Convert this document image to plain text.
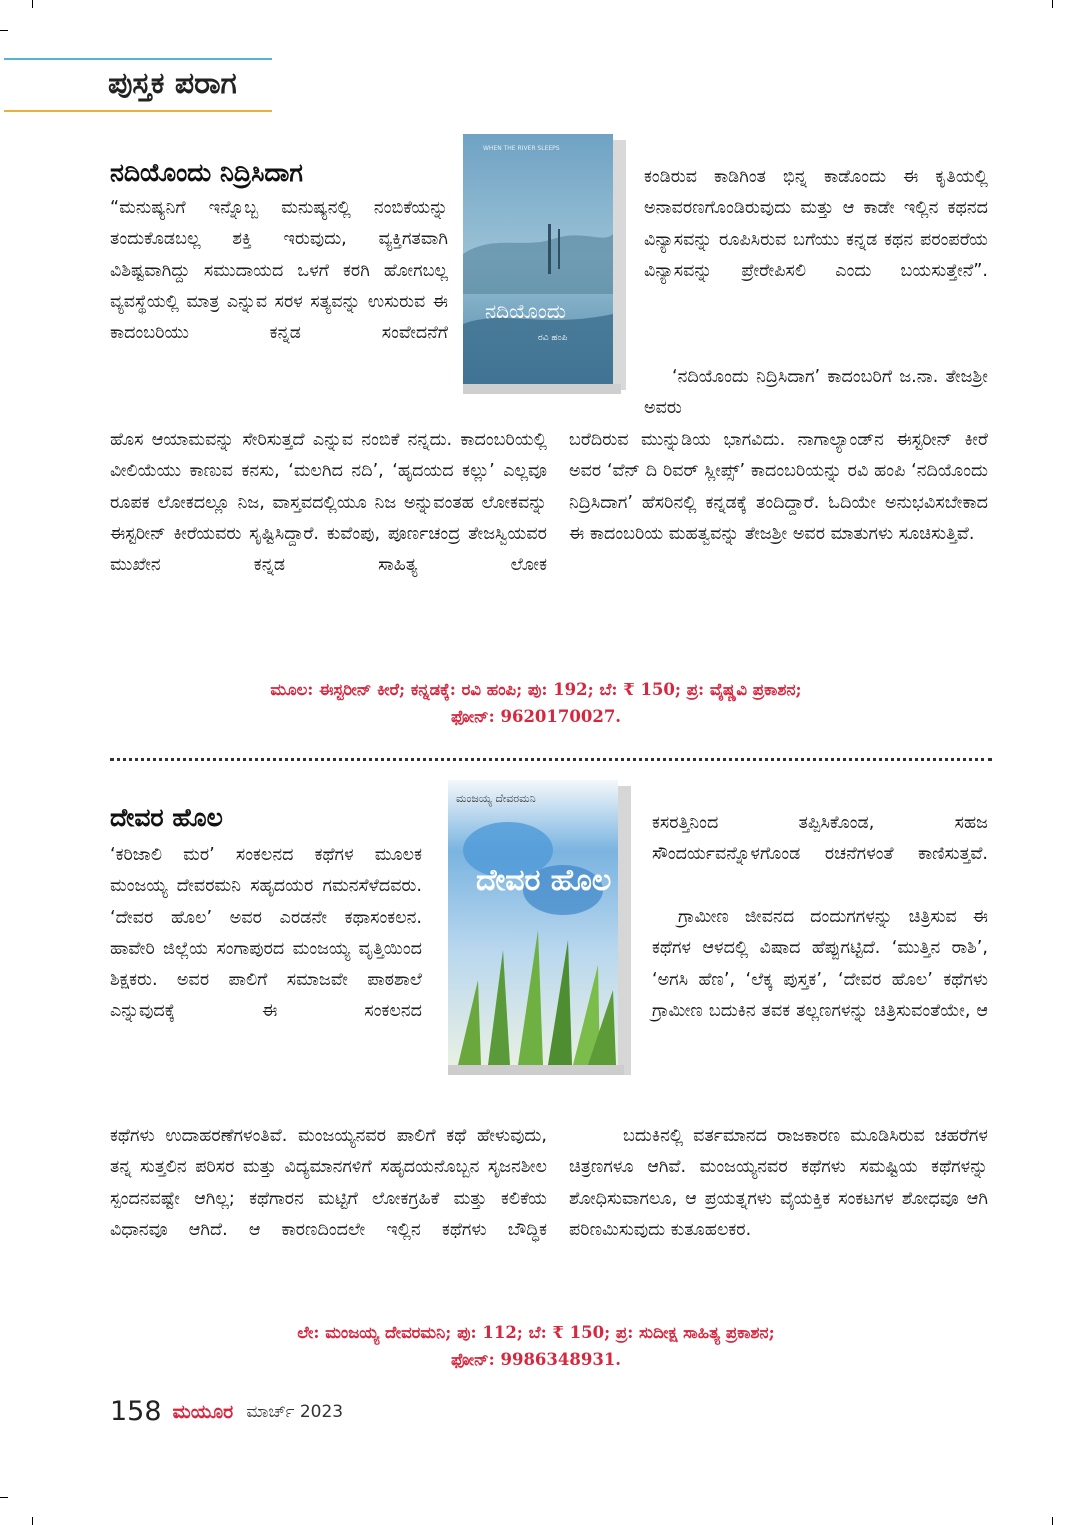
ಪುಸ್ತಕ ಪರಾಗ
ನದಿಯೊಂದು ನಿದ್ರಿಸಿದಾಗ

“ಮನುಷ್ಯನಿಗೆ ಇನ್ನೊಬ್ಬ ಮನುಷ್ಯನಲ್ಲಿ ನಂಬಿಕೆಯನ್ನು ತಂದುಕೊಡಬಲ್ಲ ಶಕ್ತಿ ಇರುವುದು, ವ್ಯಕ್ತಿಗತವಾಗಿ ವಿಶಿಷ್ಟವಾಗಿದ್ದು ಸಮುದಾಯದ ಒಳಗೆ ಕರಗಿ ಹೋಗಬಲ್ಲ ವ್ಯವಸ್ಥೆಯಲ್ಲಿ ಮಾತ್ರ ಎನ್ನುವ ಸರಳ ಸತ್ಯವನ್ನು ಉಸುರುವ ಈ ಕಾದಂಬರಿಯು ಕನ್ನಡ ಸಂವೇದನೆಗೆ

WHEN THE RIVER SLEEPS
ನದಿಯೊಂದು
ರವಿ ಹಂಪಿ

ಕಂಡಿರುವ ಕಾಡಿಗಿಂತ ಭಿನ್ನ ಕಾಡೊಂದು ಈ ಕೃತಿಯಲ್ಲಿ ಅನಾವರಣಗೊಂಡಿರುವುದು ಮತ್ತು ಆ ಕಾಡೇ ಇಲ್ಲಿನ ಕಥನದ ವಿನ್ಯಾಸವನ್ನು ರೂಪಿಸಿರುವ ಬಗೆಯು ಕನ್ನಡ ಕಥನ ಪರಂಪರೆಯ ವಿನ್ಯಾಸವನ್ನು ಪ್ರೇರೇಪಿಸಲಿ ಎಂದು ಬಯಸುತ್ತೇನೆ”.

‘ನದಿಯೊಂದು ನಿದ್ರಿಸಿದಾಗ’ ಕಾದಂಬರಿಗೆ ಜ.ನಾ. ತೇಜಶ್ರೀ ಅವರು

ಹೊಸ ಆಯಾಮವನ್ನು ಸೇರಿಸುತ್ತದೆ ಎನ್ನುವ ನಂಬಿಕೆ ನನ್ನದು. ಕಾದಂಬರಿಯಲ್ಲಿ ವೀಲಿಯೆಯು ಕಾಣುವ ಕನಸು, ‘ಮಲಗಿದ ನದಿ’, ‘ಹೃದಯದ ಕಲ್ಲು’ ಎಲ್ಲವೂ ರೂಪಕ ಲೋಕದಲ್ಲೂ ನಿಜ, ವಾಸ್ತವದಲ್ಲಿಯೂ ನಿಜ ಅನ್ನುವಂತಹ ಲೋಕವನ್ನು ಈಸ್ಟರೀನ್ ಕೀರೆಯವರು ಸೃಷ್ಟಿಸಿದ್ದಾರೆ. ಕುವೆಂಪು, ಪೂರ್ಣಚಂದ್ರ ತೇಜಸ್ವಿಯವರ ಮುಖೇನ ಕನ್ನಡ ಸಾಹಿತ್ಯ ಲೋಕ

ಬರೆದಿರುವ ಮುನ್ನುಡಿಯ ಭಾಗವಿದು. ನಾಗಾಲ್ಯಾಂಡ್‌ನ ಈಸ್ಟರೀನ್ ಕೀರೆ ಅವರ ‘ವೆನ್ ದಿ ರಿವರ್ ಸ್ಲೀಪ್ಸ್’ ಕಾದಂಬರಿಯನ್ನು ರವಿ ಹಂಪಿ ‘ನದಿಯೊಂದು ನಿದ್ರಿಸಿದಾಗ’ ಹೆಸರಿನಲ್ಲಿ ಕನ್ನಡಕ್ಕೆ ತಂದಿದ್ದಾರೆ. ಓದಿಯೇ ಅನುಭವಿಸಬೇಕಾದ ಈ ಕಾದಂಬರಿಯ ಮಹತ್ವವನ್ನು ತೇಜಶ್ರೀ ಅವರ ಮಾತುಗಳು ಸೂಚಿಸುತ್ತಿವೆ.

ಮೂಲ: ಈಸ್ಟರೀನ್ ಕೀರೆ; ಕನ್ನಡಕ್ಕೆ: ರವಿ ಹಂಪಿ; ಪು: 192; ಬೆ: ₹ 150; ಪ್ರ: ವೈಷ್ಣವಿ ಪ್ರಕಾಶನ;
ಫೋನ್: 9620170027.
ದೇವರ ಹೊಲ

‘ಕರಿಜಾಲಿ ಮರ’ ಸಂಕಲನದ ಕಥೆಗಳ ಮೂಲಕ ಮಂಜಯ್ಯ ದೇವರಮನಿ ಸಹೃದಯರ ಗಮನಸೆಳೆದವರು. ‘ದೇವರ ಹೊಲ’ ಅವರ ಎರಡನೇ ಕಥಾಸಂಕಲನ. ಹಾವೇರಿ ಜಿಲ್ಲೆಯ ಸಂಗಾಪುರದ ಮಂಜಯ್ಯ ವೃತ್ತಿಯಿಂದ ಶಿಕ್ಷಕರು. ಅವರ ಪಾಲಿಗೆ ಸಮಾಜವೇ ಪಾಠಶಾಲೆ ಎನ್ನುವುದಕ್ಕೆ ಈ ಸಂಕಲನದ

ಮಂಜಯ್ಯ ದೇವರಮನಿ
ದೇವರ ಹೊಲ

ಕಸರತ್ತಿನಿಂದ ತಪ್ಪಿಸಿಕೊಂಡ, ಸಹಜ ಸೌಂದರ್ಯವನ್ನೊಳಗೊಂಡ ರಚನೆಗಳಂತೆ ಕಾಣಿಸುತ್ತವೆ.

ಗ್ರಾಮೀಣ ಜೀವನದ ದಂದುಗಗಳನ್ನು ಚಿತ್ರಿಸುವ ಈ ಕಥೆಗಳ ಆಳದಲ್ಲಿ ವಿಷಾದ ಹೆಪ್ಪುಗಟ್ಟಿದೆ. ‘ಮುತ್ತಿನ ರಾಶಿ’, ‘ಅಗಸಿ ಹೆಣ’, ‘ಲೆಕ್ಕ ಪುಸ್ತಕ’, ‘ದೇವರ ಹೊಲ’ ಕಥೆಗಳು ಗ್ರಾಮೀಣ ಬದುಕಿನ ತವಕ ತಲ್ಲಣಗಳನ್ನು ಚಿತ್ರಿಸುವಂತೆಯೇ, ಆ

ಕಥೆಗಳು ಉದಾಹರಣೆಗಳಂತಿವೆ. ಮಂಜಯ್ಯನವರ ಪಾಲಿಗೆ ಕಥೆ ಹೇಳುವುದು, ತನ್ನ ಸುತ್ತಲಿನ ಪರಿಸರ ಮತ್ತು ವಿದ್ಯಮಾನಗಳಿಗೆ ಸಹೃದಯನೊಬ್ಬನ ಸೃಜನಶೀಲ ಸ್ಪಂದನವಷ್ಟೇ ಆಗಿಲ್ಲ; ಕಥೆಗಾರನ ಮಟ್ಟಿಗೆ ಲೋಕಗ್ರಹಿಕೆ ಮತ್ತು ಕಲಿಕೆಯ ವಿಧಾನವೂ ಆಗಿದೆ. ಆ ಕಾರಣದಿಂದಲೇ ಇಲ್ಲಿನ ಕಥೆಗಳು ಬೌದ್ಧಿಕ

ಬದುಕಿನಲ್ಲಿ ವರ್ತಮಾನದ ರಾಜಕಾರಣ ಮೂಡಿಸಿರುವ ಚಹರೆಗಳ ಚಿತ್ರಣಗಳೂ ಆಗಿವೆ. ಮಂಜಯ್ಯನವರ ಕಥೆಗಳು ಸಮಷ್ಟಿಯ ಕಥೆಗಳನ್ನು ಶೋಧಿಸುವಾಗಲೂ, ಆ ಪ್ರಯತ್ನಗಳು ವೈಯಕ್ತಿಕ ಸಂಕಟಗಳ ಶೋಧವೂ ಆಗಿ ಪರಿಣಮಿಸುವುದು ಕುತೂಹಲಕರ.

ಲೇ: ಮಂಜಯ್ಯ ದೇವರಮನಿ; ಪು: 112; ಬೆ: ₹ 150; ಪ್ರ: ಸುದೀಕ್ಷ ಸಾಹಿತ್ಯ ಪ್ರಕಾಶನ;
ಫೋನ್: 9986348931.
158 ಮಯೂರ ಮಾರ್ಚ್ 2023
